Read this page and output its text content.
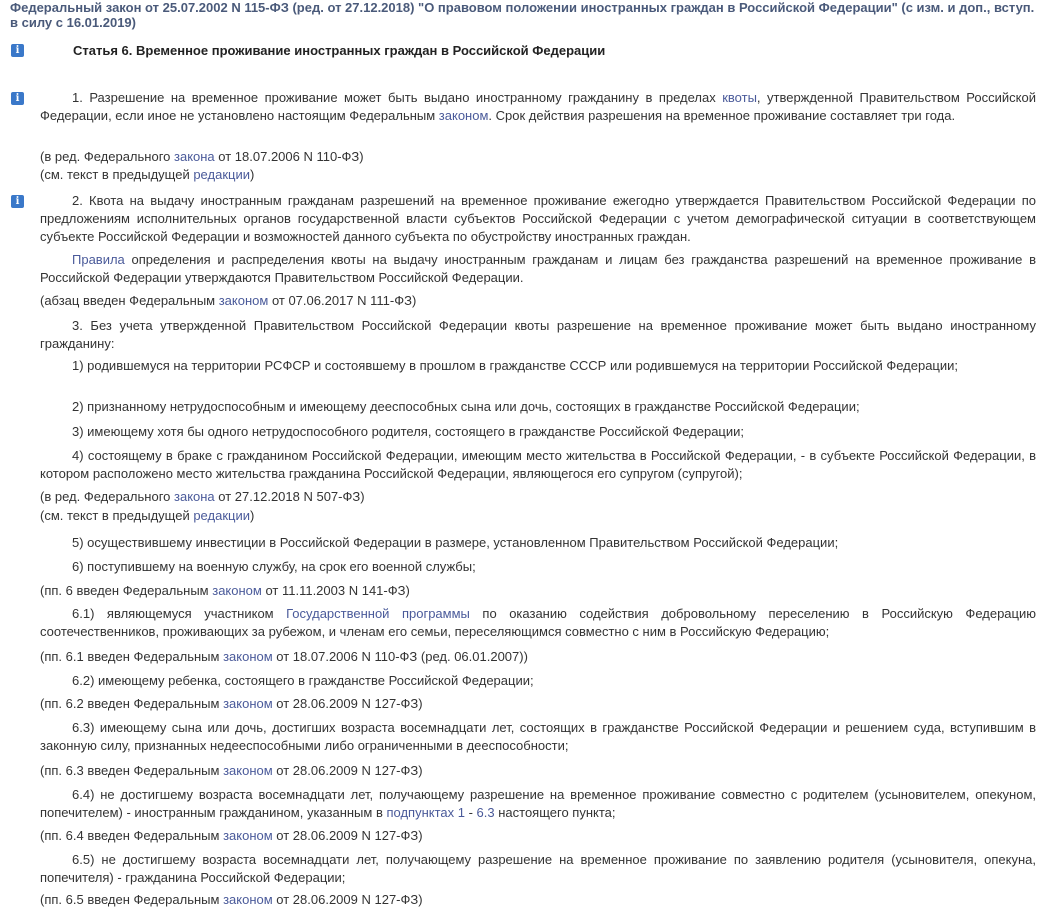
Федеральный закон от 25.07.2002 N 115-ФЗ (ред. от 27.12.2018) "О правовом положении иностранных граждан в Российской Федерации" (с изм. и доп., вступ. в силу с 16.01.2019)
i	Статья 6. Временное проживание иностранных граждан в Российской Федерации
i	1. Разрешение на временное проживание может быть выдано иностранному гражданину в пределах квоты, утвержденной Правительством Российской Федерации, если иное не установлено настоящим Федеральным законом. Срок действия разрешения на временное проживание составляет три года.
(в ред. Федерального закона от 18.07.2006 N 110-ФЗ)
(см. текст в предыдущей редакции)
i	2. Квота на выдачу иностранным гражданам разрешений на временное проживание ежегодно утверждается Правительством Российской Федерации по предложениям исполнительных органов государственной власти субъектов Российской Федерации с учетом демографической ситуации в соответствующем субъекте Российской Федерации и возможностей данного субъекта по обустройству иностранных граждан.
Правила определения и распределения квоты на выдачу иностранным гражданам и лицам без гражданства разрешений на временное проживание в Российской Федерации утверждаются Правительством Российской Федерации.
(абзац введен Федеральным законом от 07.06.2017 N 111-ФЗ)
3. Без учета утвержденной Правительством Российской Федерации квоты разрешение на временное проживание может быть выдано иностранному гражданину:
1) родившемуся на территории РСФСР и состоявшему в прошлом в гражданстве СССР или родившемуся на территории Российской Федерации;
2) признанному нетрудоспособным и имеющему дееспособных сына или дочь, состоящих в гражданстве Российской Федерации;
3) имеющему хотя бы одного нетрудоспособного родителя, состоящего в гражданстве Российской Федерации;
4) состоящему в браке с гражданином Российской Федерации, имеющим место жительства в Российской Федерации, - в субъекте Российской Федерации, в котором расположено место жительства гражданина Российской Федерации, являющегося его супругом (супругой);
(в ред. Федерального закона от 27.12.2018 N 507-ФЗ)
(см. текст в предыдущей редакции)
5) осуществившему инвестиции в Российской Федерации в размере, установленном Правительством Российской Федерации;
6) поступившему на военную службу, на срок его военной службы;
(пп. 6 введен Федеральным законом от 11.11.2003 N 141-ФЗ)
6.1) являющемуся участником Государственной программы по оказанию содействия добровольному переселению в Российскую Федерацию соотечественников, проживающих за рубежом, и членам его семьи, переселяющимся совместно с ним в Российскую Федерацию;
(пп. 6.1 введен Федеральным законом от 18.07.2006 N 110-ФЗ (ред. 06.01.2007))
6.2) имеющему ребенка, состоящего в гражданстве Российской Федерации;
(пп. 6.2 введен Федеральным законом от 28.06.2009 N 127-ФЗ)
6.3) имеющему сына или дочь, достигших возраста восемнадцати лет, состоящих в гражданстве Российской Федерации и решением суда, вступившим в законную силу, признанных недееспособными либо ограниченными в дееспособности;
(пп. 6.3 введен Федеральным законом от 28.06.2009 N 127-ФЗ)
6.4) не достигшему возраста восемнадцати лет, получающему разрешение на временное проживание совместно с родителем (усыновителем, опекуном, попечителем) - иностранным гражданином, указанным в подпунктах 1 - 6.3 настоящего пункта;
(пп. 6.4 введен Федеральным законом от 28.06.2009 N 127-ФЗ)
6.5) не достигшему возраста восемнадцати лет, получающему разрешение на временное проживание по заявлению родителя (усыновителя, опекуна, попечителя) - гражданина Российской Федерации;
(пп. 6.5 введен Федеральным законом от 28.06.2009 N 127-ФЗ)
